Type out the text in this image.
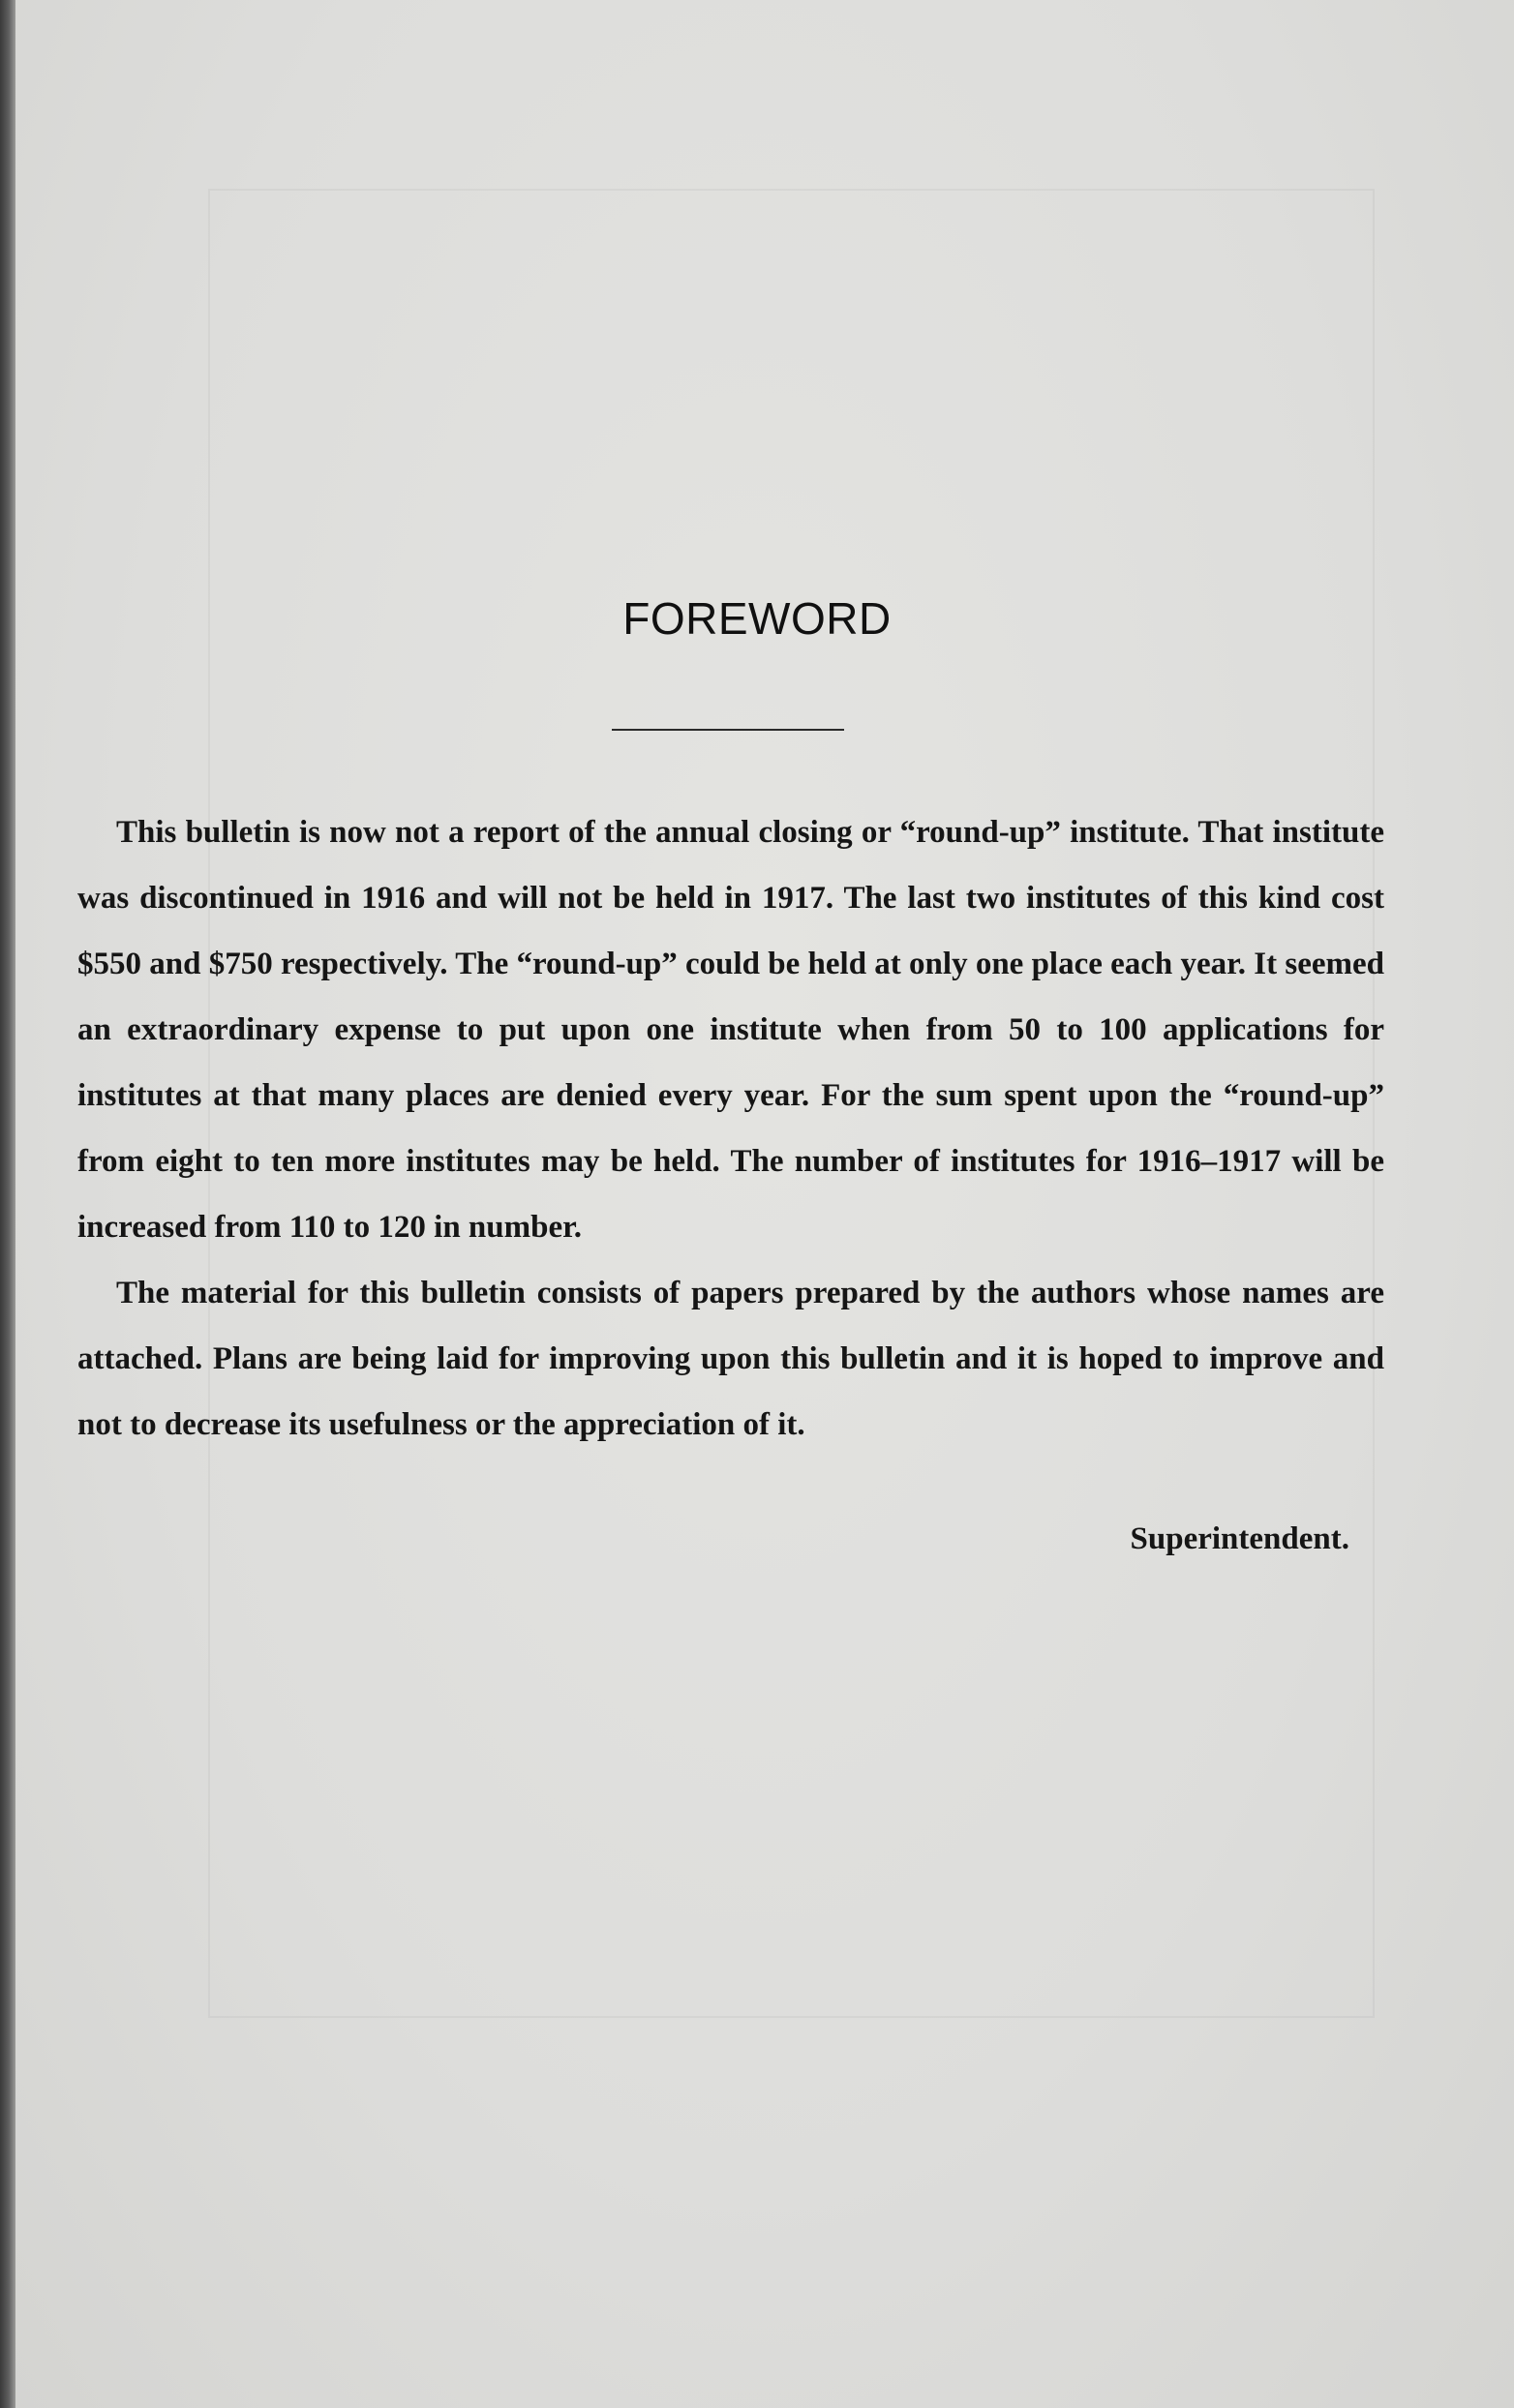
FOREWORD

This bulletin is now not a report of the annual closing or “round-up” institute. That institute was discontinued in 1916 and will not be held in 1917. The last two institutes of this kind cost $550 and $750 respectively. The “round-up” could be held at only one place each year. It seemed an extraordinary expense to put upon one institute when from 50 to 100 applications for institutes at that many places are denied every year. For the sum spent upon the “round-up” from eight to ten more institutes may be held. The number of institutes for 1916–1917 will be increased from 110 to 120 in number.

The material for this bulletin consists of papers prepared by the authors whose names are attached. Plans are being laid for improving upon this bulletin and it is hoped to improve and not to decrease its usefulness or the appreciation of it.

Superintendent.
